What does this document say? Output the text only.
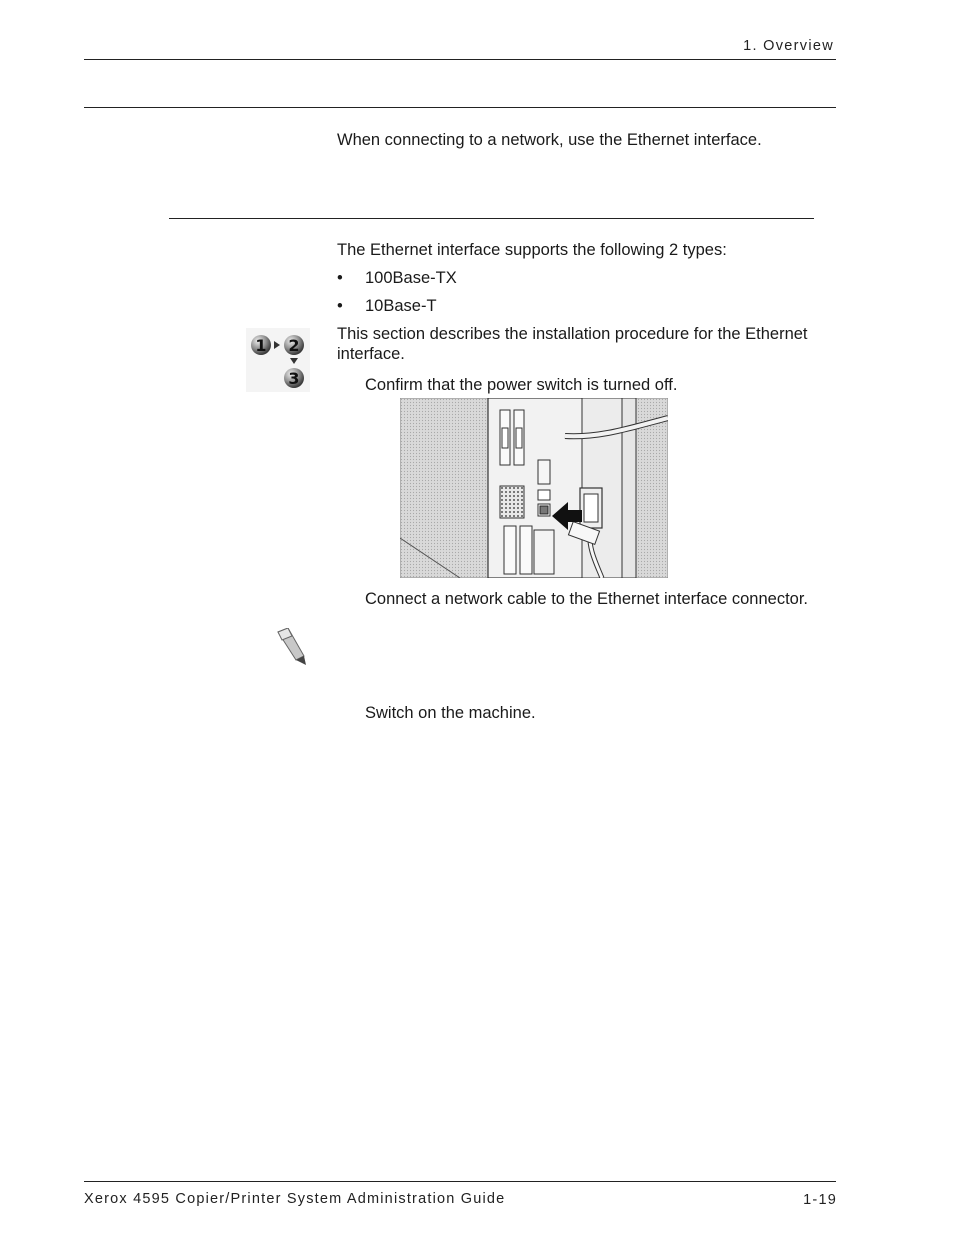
1. Overview
When connecting to a network, use the Ethernet interface.
The Ethernet interface supports the following 2 types:
• 100Base-TX
• 10Base-T
1 2
3
This section describes the installation procedure for the Ethernet
interface.
Confirm that the power switch is turned off.
Connect a network cable to the Ethernet interface connector.
Switch on the machine.
Xerox 4595 Copier/Printer System Administration Guide	1-19
